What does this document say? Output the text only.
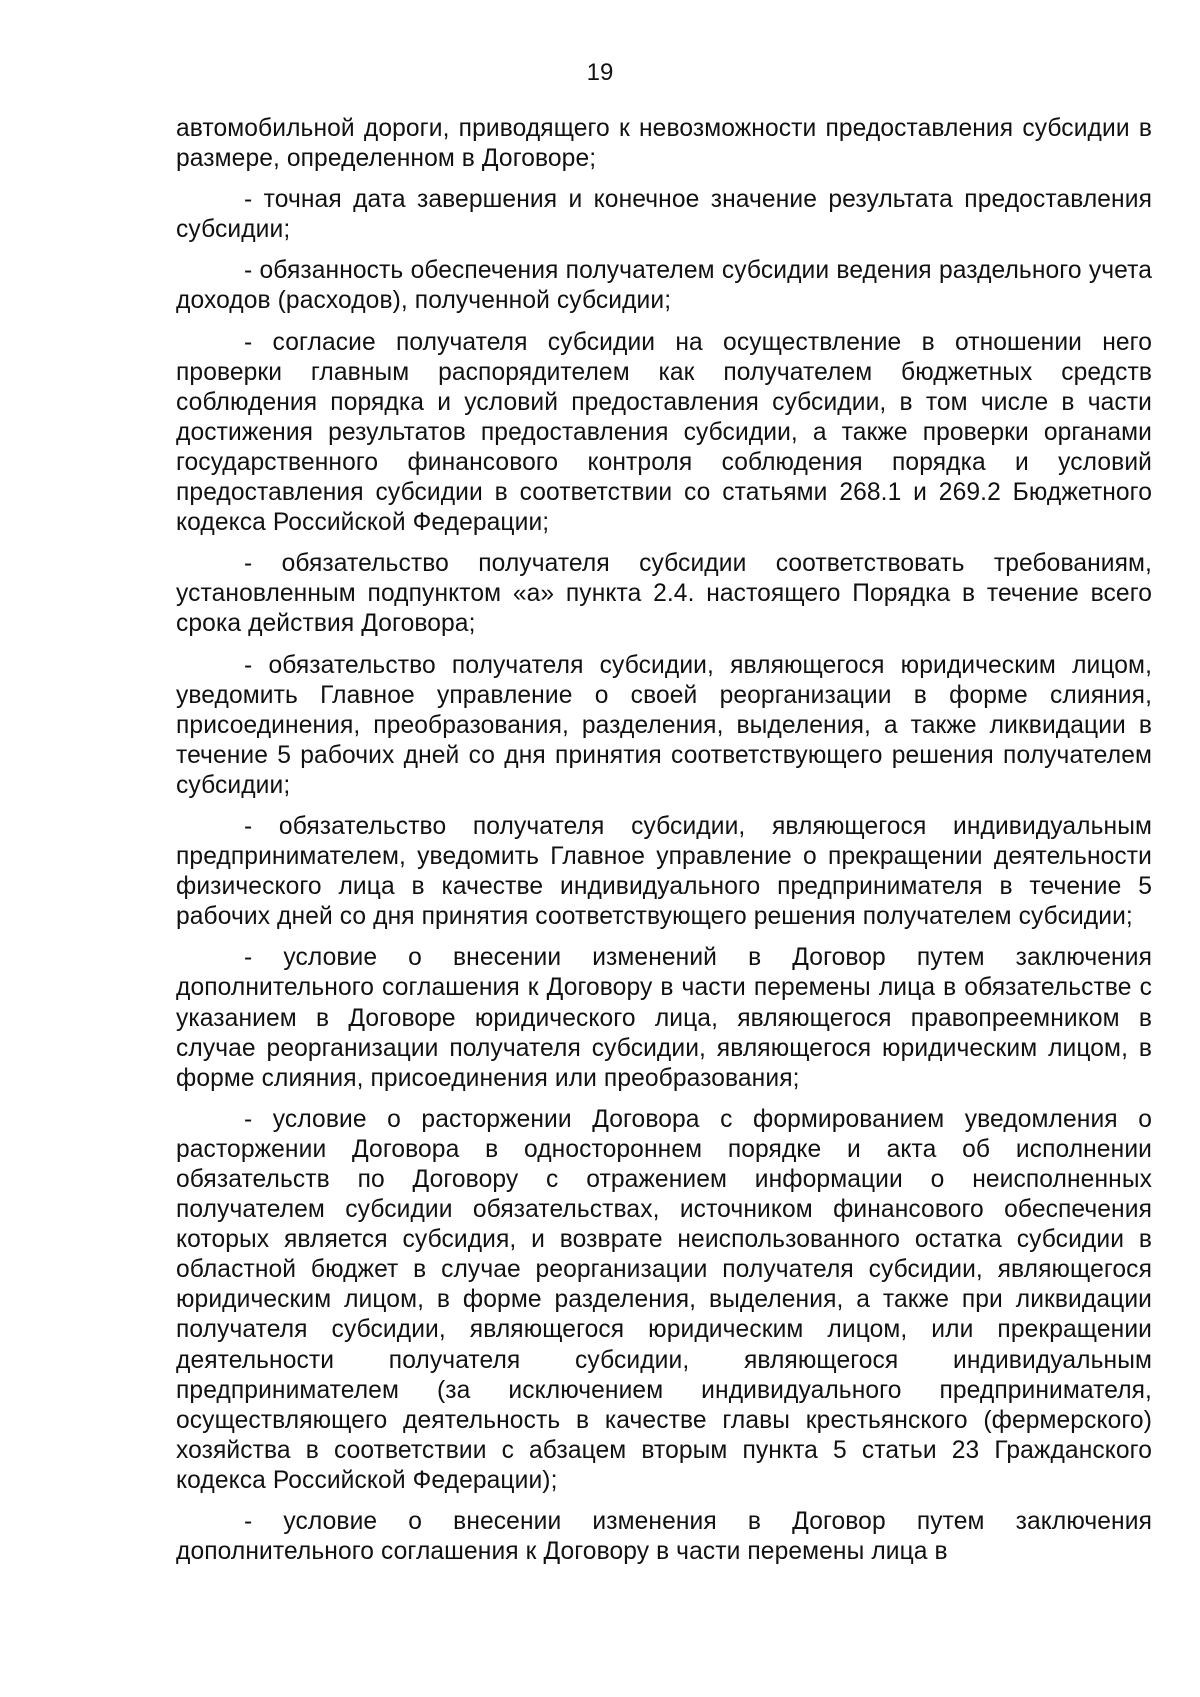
19

автомобильной дороги, приводящего к невозможности предоставления субсидии в размере, определенном в Договоре;

- точная дата завершения и конечное значение результата предоставления субсидии;

- обязанность обеспечения получателем субсидии ведения раздельного учета доходов (расходов), полученной субсидии;

- согласие получателя субсидии на осуществление в отношении него проверки главным распорядителем как получателем бюджетных средств соблюдения порядка и условий предоставления субсидии, в том числе в части достижения результатов предоставления субсидии, а также проверки органами государственного финансового контроля соблюдения порядка и условий предоставления субсидии в соответствии со статьями 268.1 и 269.2 Бюджетного кодекса Российской Федерации;

- обязательство получателя субсидии соответствовать требованиям, установленным подпунктом «а» пункта 2.4. настоящего Порядка в течение всего срока действия Договора;

- обязательство получателя субсидии, являющегося юридическим лицом, уведомить Главное управление о своей реорганизации в форме слияния, присоединения, преобразования, разделения, выделения, а также ликвидации в течение 5 рабочих дней со дня принятия соответствующего решения получателем субсидии;

- обязательство получателя субсидии, являющегося индивидуальным предпринимателем, уведомить Главное управление о прекращении деятельности физического лица в качестве индивидуального предпринимателя в течение 5 рабочих дней со дня принятия соответствующего решения получателем субсидии;

- условие о внесении изменений в Договор путем заключения дополнительного соглашения к Договору в части перемены лица в обязательстве с указанием в Договоре юридического лица, являющегося правопреемником в случае реорганизации получателя субсидии, являющегося юридическим лицом, в форме слияния, присоединения или преобразования;

- условие о расторжении Договора с формированием уведомления о расторжении Договора в одностороннем порядке и акта об исполнении обязательств по Договору с отражением информации о неисполненных получателем субсидии обязательствах, источником финансового обеспечения которых является субсидия, и возврате неиспользованного остатка субсидии в областной бюджет в случае реорганизации получателя субсидии, являющегося юридическим лицом, в форме разделения, выделения, а также при ликвидации получателя субсидии, являющегося юридическим лицом, или прекращении деятельности получателя субсидии, являющегося индивидуальным предпринимателем (за исключением индивидуального предпринимателя, осуществляющего деятельность в качестве главы крестьянского (фермерского) хозяйства в соответствии с абзацем вторым пункта 5 статьи 23 Гражданского кодекса Российской Федерации);

- условие о внесении изменения в Договор путем заключения дополнительного соглашения к Договору в части перемены лица в
